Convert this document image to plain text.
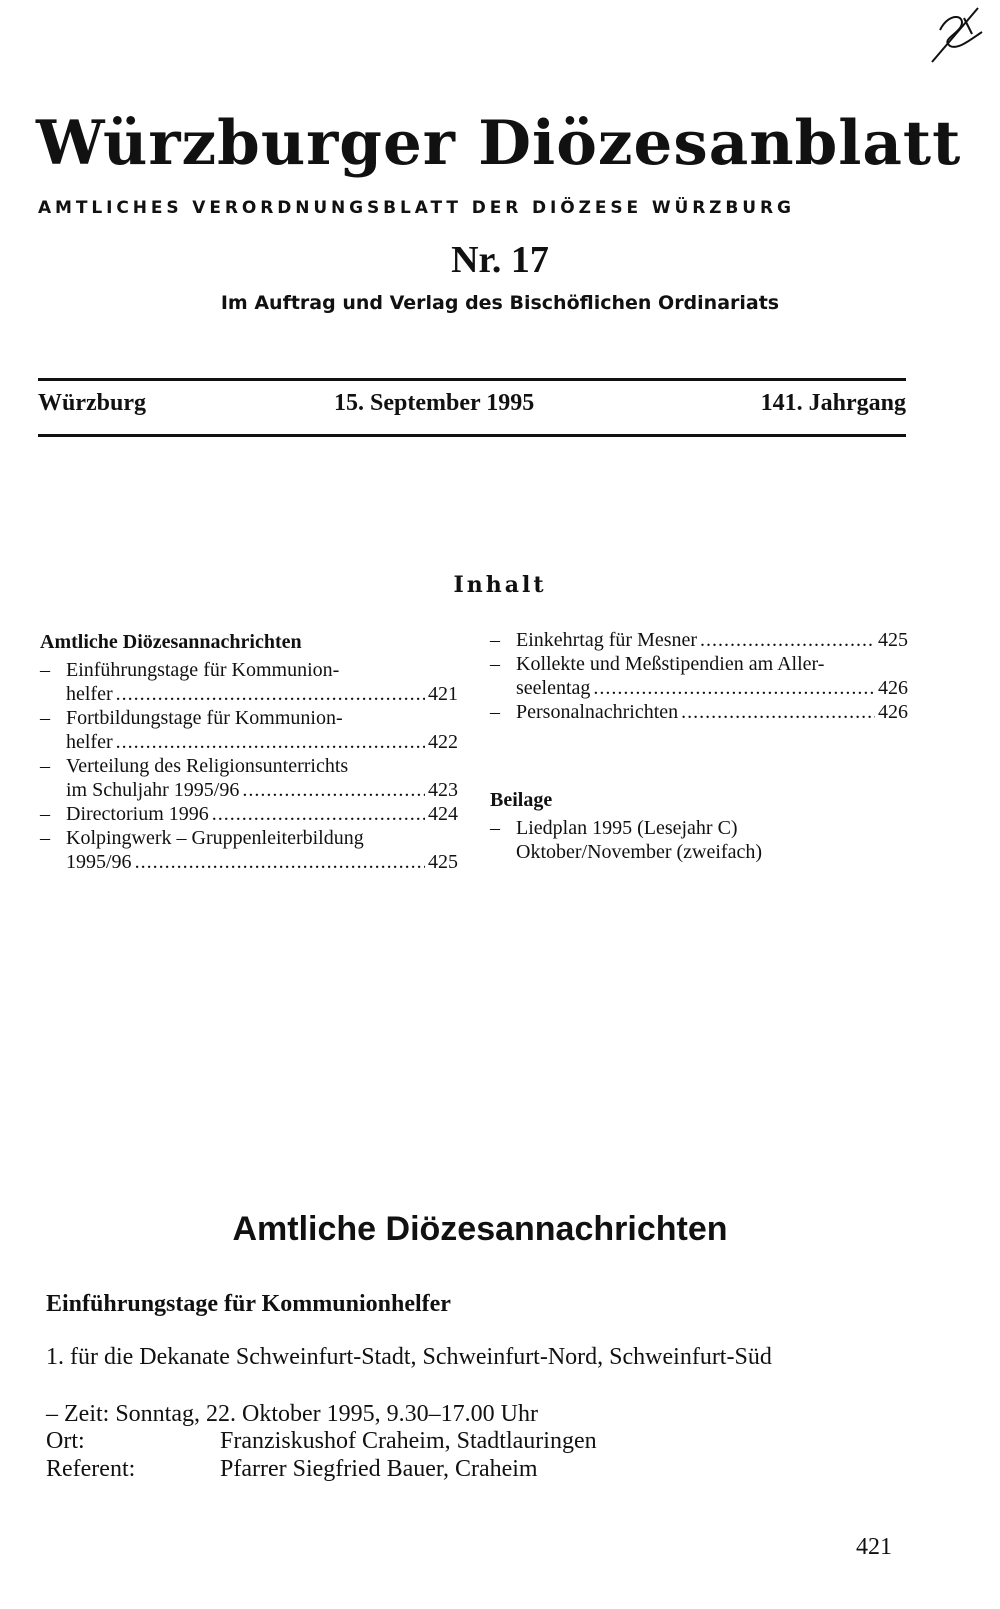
Würzburger Diözesanblatt
AMTLICHES VERORDNUNGSBLATT DER DIÖZESE WÜRZBURG
Nr. 17
Im Auftrag und Verlag des Bischöflichen Ordinariats
Würzburg	15. September 1995	141. Jahrgang
Inhalt
Amtliche Diözesannachrichten
– Einführungstage für Kommunion-
helfer .....	421
– Fortbildungstage für Kommunion-
helfer .....	422
– Verteilung des Religionsunterrichts
im Schuljahr 1995/96 .....	423
– Directorium 1996 .....	424
– Kolpingwerk – Gruppenleiterbildung
1995/96 .....	425
– Einkehrtag für Mesner .....	425
– Kollekte und Meßstipendien am Aller-
seelentag .....	426
– Personalnachrichten .....	426
Beilage
– Liedplan 1995 (Lesejahr C)
Oktober/November (zweifach)
Amtliche Diözesannachrichten
Einführungstage für Kommunionhelfer
1. für die Dekanate Schweinfurt-Stadt, Schweinfurt-Nord, Schweinfurt-Süd
– Zeit: Sonntag, 22. Oktober 1995, 9.30–17.00 Uhr
Ort:	Franziskushof Craheim, Stadtlauringen
Referent:	Pfarrer Siegfried Bauer, Craheim
421
